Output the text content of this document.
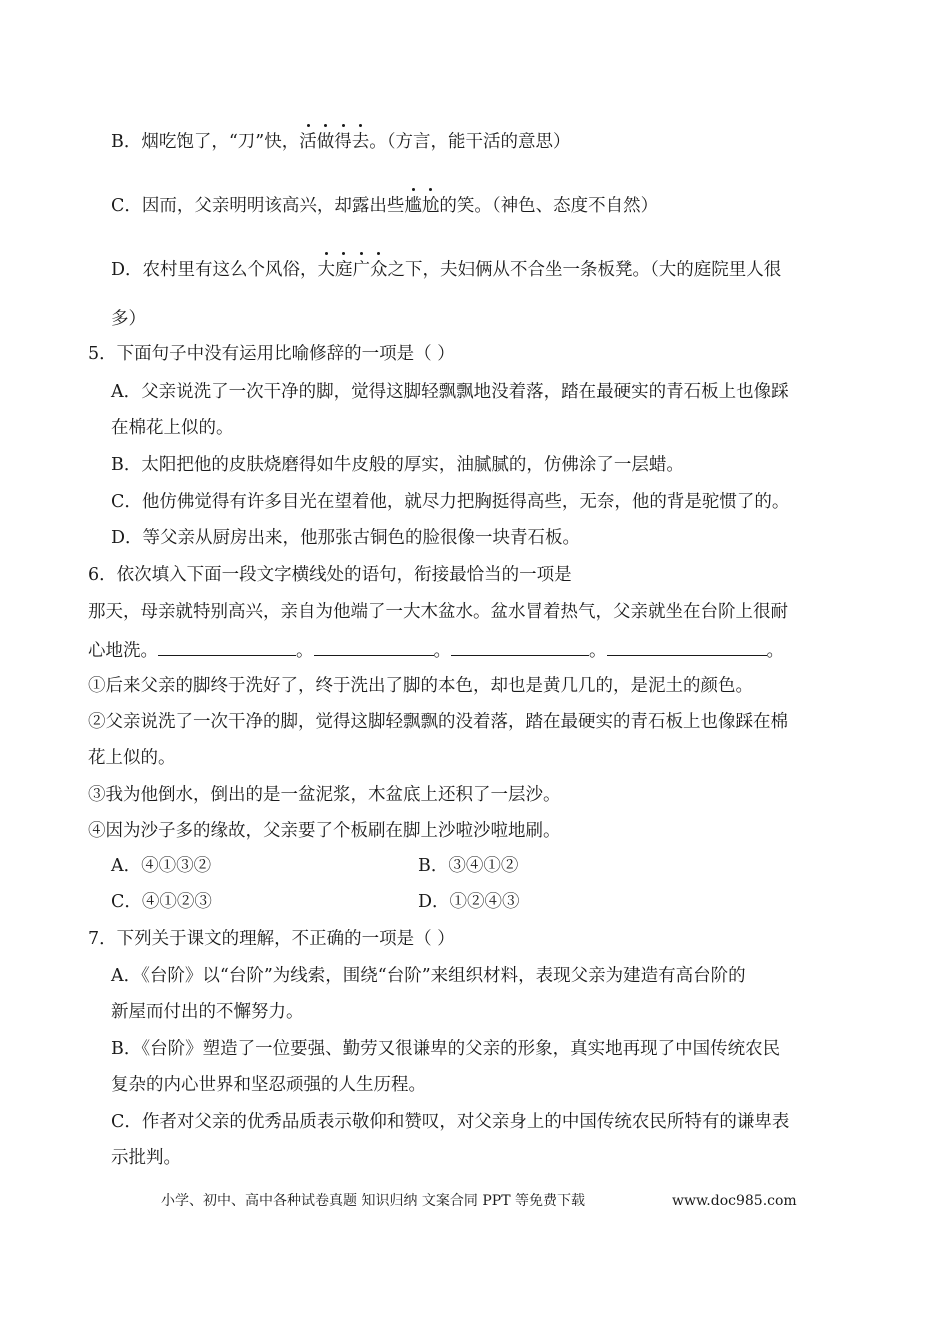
B．烟吃饱了，“刀”快，活做得去。（方言，能干活的意思）
C．因而，父亲明明该高兴，却露出些尴尬的笑。（神色、态度不自然）
D．农村里有这么个风俗，大庭广众之下，夫妇俩从不合坐一条板凳。（大的庭院里人很
多）
5．下面句子中没有运用比喻修辞的一项是（ ）
A．父亲说洗了一次干净的脚，觉得这脚轻飘飘地没着落，踏在最硬实的青石板上也像踩
在棉花上似的。
B．太阳把他的皮肤烧磨得如牛皮般的厚实，油腻腻的，仿佛涂了一层蜡。
C．他仿佛觉得有许多目光在望着他，就尽力把胸挺得高些，无奈，他的背是驼惯了的。
D．等父亲从厨房出来，他那张古铜色的脸很像一块青石板。
6．依次填入下面一段文字横线处的语句，衔接最恰当的一项是
那天，母亲就特别高兴，亲自为他端了一大木盆水。盆水冒着热气，父亲就坐在台阶上很耐
心地洗。	。	。	。	。
①后来父亲的脚终于洗好了，终于洗出了脚的本色，却也是黄几几的，是泥土的颜色。
②父亲说洗了一次干净的脚，觉得这脚轻飘飘的没着落，踏在最硬实的青石板上也像踩在棉
花上似的。
③我为他倒水，倒出的是一盆泥浆，木盆底上还积了一层沙。
④因为沙子多的缘故，父亲要了个板刷在脚上沙啦沙啦地刷。
A．④①③②	B．③④①②
C．④①②③	D．①②④③
7．下列关于课文的理解，不正确的一项是（ ）
A．《台阶》以“台阶”为线索，围绕“台阶”来组织材料，表现父亲为建造有高台阶的
新屋而付出的不懈努力。
B．《台阶》塑造了一位要强、勤劳又很谦卑的父亲的形象，真实地再现了中国传统农民
复杂的内心世界和坚忍顽强的人生历程。
C．作者对父亲的优秀品质表示敬仰和赞叹，对父亲身上的中国传统农民所特有的谦卑表
示批判。
小学、初中、高中各种试卷真题 知识归纳 文案合同 PPT 等免费下载	www.doc985.com
